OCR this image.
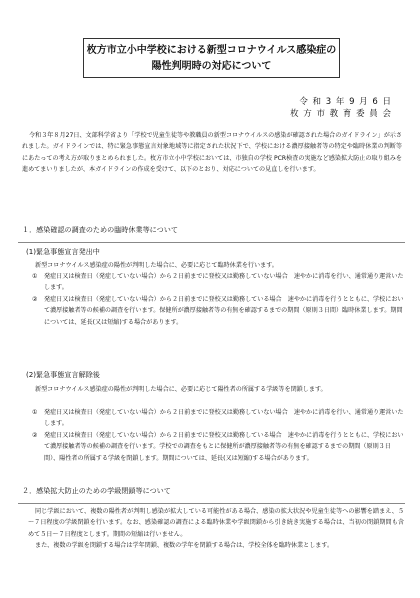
枚方市立小中学校における新型コロナウイルス感染症の
陽性判明時の対応について
令 和 3 年 9 月 6 日
枚 方 市 教 育 委 員 会
令和３年８月27日、文部科学省より「学校で児童生徒等や教職員の新型コロナウイルスの感染が確認された場合のガイドライン」が示されました。ガイドラインでは、特に緊急事態宣言対象地域等に指定された状況下で、学校における濃厚接触者等の特定や臨時休業の判断等にあたっての考え方が取りまとめられました。枚方市立小中学校においては、市独自の学校 PCR検査の実施など感染拡大防止の取り組みを進めてまいりましたが、本ガイドラインの作成を受けて、以下のとおり、対応についての見直しを行います。
１．感染確認の調査のための臨時休業等について
(1)緊急事態宣言発出中
新型コロナウイルス感染症の陽性が判明した場合に、必要に応じて臨時休業を行います。
①	発症日又は検査日（発症していない場合）から２日前までに登校又は勤務していない場合　速やかに消毒を行い、通常通り運営いたします。
②	発症日又は検査日（発症していない場合）から２日前までに登校又は勤務している場合　速やかに消毒を行うとともに、学校において濃厚接触者等の候補の調査を行います。保健所が濃厚接触者等の有無を確認するまでの期間（原則３日間）臨時休業します。期間については、延長(又は短縮)する場合があります。
(2)緊急事態宣言解除後
新型コロナウイルス感染症の陽性が判明した場合に、必要に応じて陽性者の所属する学級等を閉鎖します。
①	発症日又は検査日（発症していない場合）から２日前までに登校又は勤務していない場合　速やかに消毒を行い、通常通り運営いたします。
②	発症日又は検査日（発症していない場合）から２日前までに登校又は勤務している場合　速やかに消毒を行うとともに、学校において濃厚接触者等の候補の調査を行います。学校での調査をもとに保健所が濃厚接触者等の有無を確認するまでの期間（原則３日間）、陽性者の所属する学級を閉鎖します。期間については、延長(又は短縮)する場合があります。
２．感染拡大防止のための学級閉鎖等について
同じ学級において、複数の陽性者が判明し感染が拡大している可能性がある場合、感染の拡大状況や児童生徒等への影響を踏まえ、５～７日程度の学級閉鎖を行います。なお、感染確認の調査による臨時休業や学級閉鎖から引き続き実施する場合は、当初の閉鎖期間も含めて５日～７日程度とします。期間の短縮は行いません。
また、複数の学級を閉鎖する場合は学年閉鎖、複数の学年を閉鎖する場合は、学校全体を臨時休業とします。
